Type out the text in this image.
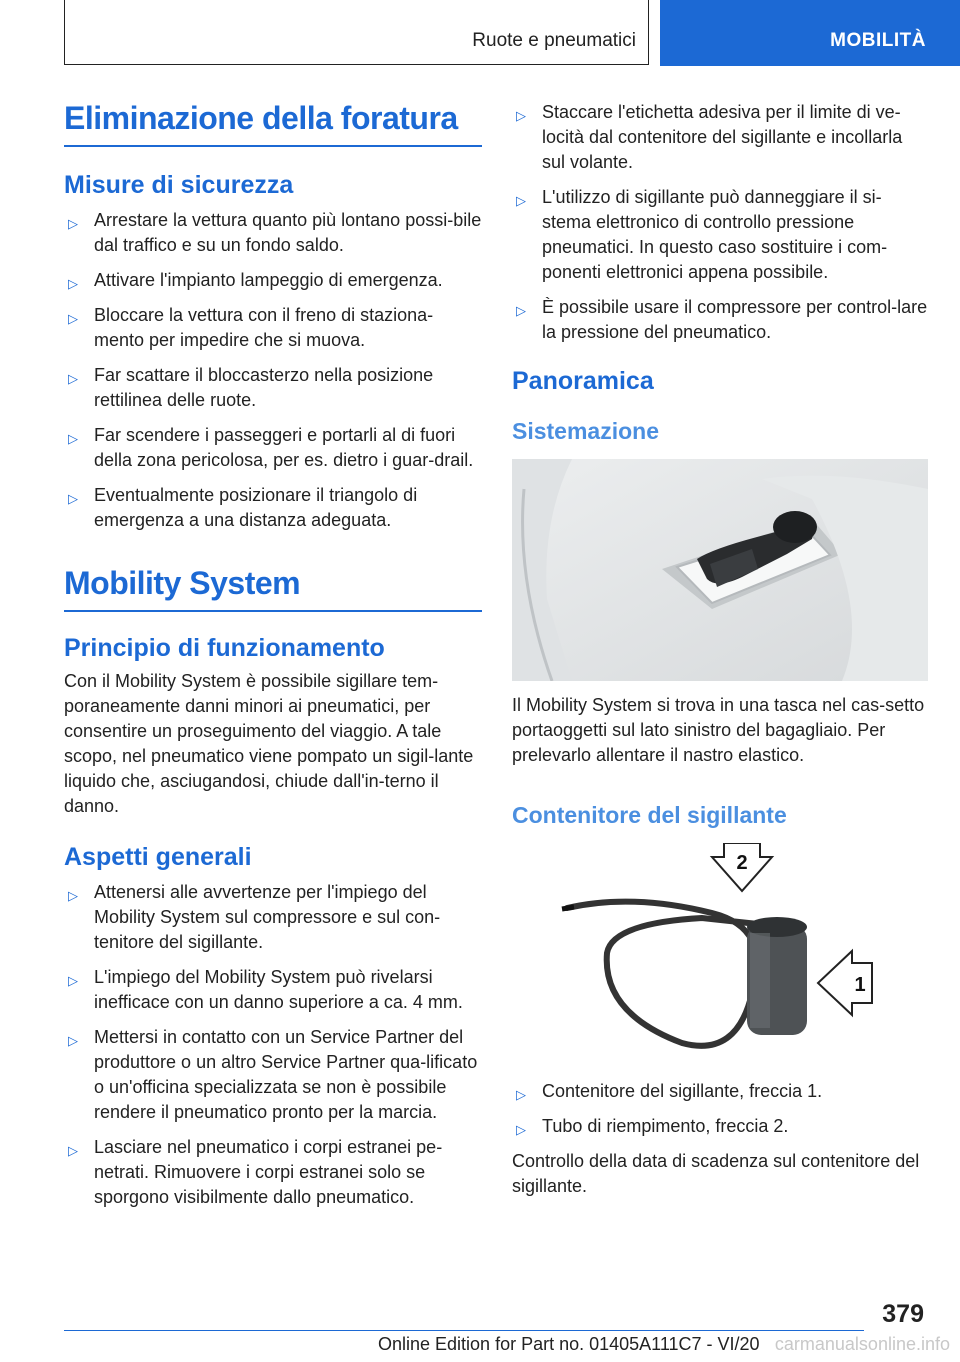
Ruote e pneumatici	MOBILITÀ
Eliminazione della foratura
Misure di sicurezza
▷ Arrestare la vettura quanto più lontano possi-bile dal traffico e su un fondo saldo.
▷ Attivare l'impianto lampeggio di emergenza.
▷ Bloccare la vettura con il freno di staziona-mento per impedire che si muova.
▷ Far scattare il bloccasterzo nella posizione rettilinea delle ruote.
▷ Far scendere i passeggeri e portarli al di fuori della zona pericolosa, per es. dietro i guar-drail.
▷ Eventualmente posizionare il triangolo di emergenza a una distanza adeguata.
Mobility System
Principio di funzionamento

Con il Mobility System è possibile sigillare tem-poraneamente danni minori ai pneumatici, per consentire un proseguimento del viaggio. A tale scopo, nel pneumatico viene pompato un sigil-lante liquido che, asciugandosi, chiude dall'in-terno il danno.

Aspetti generali
▷ Attenersi alle avvertenze per l'impiego del Mobility System sul compressore e sul con-tenitore del sigillante.
▷ L'impiego del Mobility System può rivelarsi inefficace con un danno superiore a ca. 4 mm.
▷ Mettersi in contatto con un Service Partner del produttore o un altro Service Partner qua-lificato o un'officina specializzata se non è possibile rendere il pneumatico pronto per la marcia.
▷ Lasciare nel pneumatico i corpi estranei pe-netrati. Rimuovere i corpi estranei solo se sporgono visibilmente dallo pneumatico.
▷ Staccare l'etichetta adesiva per il limite di ve-locità dal contenitore del sigillante e incollarla sul volante.
▷ L'utilizzo di sigillante può danneggiare il si-stema elettronico di controllo pressione pneumatici. In questo caso sostituire i com-ponenti elettronici appena possibile.
▷ È possibile usare il compressore per control-lare la pressione del pneumatico.
Panoramica
Sistemazione

Il Mobility System si trova in una tasca nel cas-setto portaoggetti sul lato sinistro del bagagliaio. Per prelevarlo allentare il nastro elastico.

Contenitore del sigillante
2
1
▷ Contenitore del sigillante, freccia 1.
▷ Tubo di riempimento, freccia 2.

Controllo della data di scadenza sul contenitore del sigillante.

379
Online Edition for Part no. 01405A111C7 - VI/20 carmanualsonline.info
